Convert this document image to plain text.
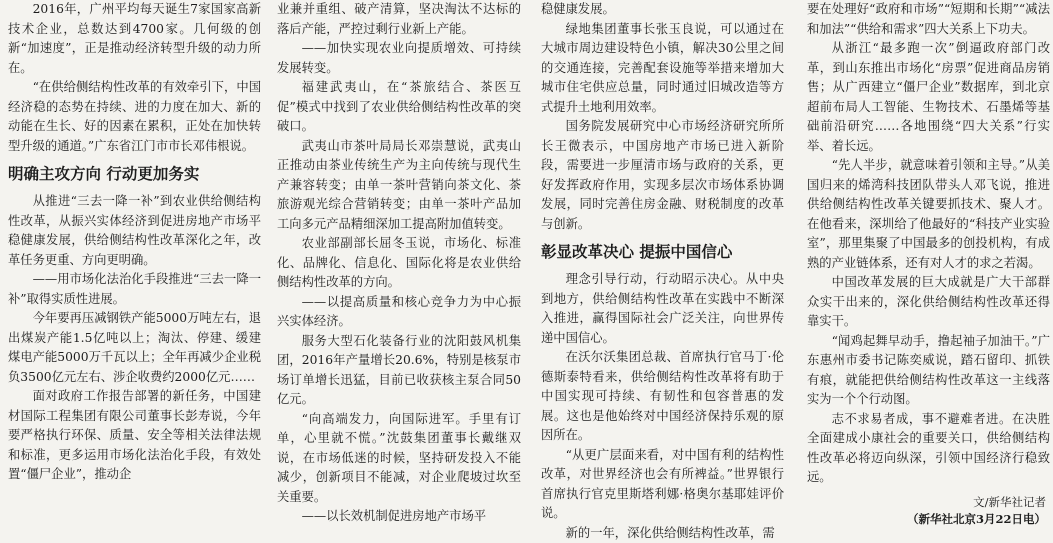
2016年，广州平均每天诞生7家国家高新技术企业，总数达到4700家。几何级的创新“加速度”，正是推动经济转型升级的动力所在。

“在供给侧结构性改革的有效牵引下，中国经济稳的态势在持续、进的力度在加大、新的动能在生长、好的因素在累积，正处在加快转型升级的通道。”广东省江门市市长邓伟根说。

明确主攻方向 行动更加务实

从推进“三去一降一补”到农业供给侧结构性改革，从振兴实体经济到促进房地产市场平稳健康发展，供给侧结构性改革深化之年，改革任务更重、方向更明确。

——用市场化法治化手段推进“三去一降一补”取得实质性进展。

今年要再压减钢铁产能5000万吨左右，退出煤炭产能1.5亿吨以上；淘汰、停建、缓建煤电产能5000万千瓦以上；全年再减少企业税负3500亿元左右、涉企收费约2000亿元……

面对政府工作报告部署的新任务，中国建材国际工程集团有限公司董事长彭寿说，今年要严格执行环保、质量、安全等相关法律法规和标准，更多运用市场化法治化手段，有效处置“僵尸企业”，推动企

业兼并重组、破产清算，坚决淘汰不达标的落后产能，严控过剩行业新上产能。

——加快实现农业向提质增效、可持续发展转变。

福建武夷山，在“茶旅结合、茶医互促”模式中找到了农业供给侧结构性改革的突破口。

武夷山市茶叶局局长邓崇慧说，武夷山正推动由茶业传统生产为主向传统与现代生产兼容转变；由单一茶叶营销向茶文化、茶旅游观光综合营销转变；由单一茶叶产品加工向多元产品精细深加工提高附加值转变。

农业部副部长屈冬玉说，市场化、标准化、品牌化、信息化、国际化将是农业供给侧结构性改革的方向。

——以提高质量和核心竞争力为中心振兴实体经济。

服务大型石化装备行业的沈阳鼓风机集团，2016年产量增长20.6%，特别是核泵市场订单增长迅猛，目前已收获核主泵合同50亿元。

“向高端发力，向国际进军。手里有订单，心里就不慌。”沈鼓集团董事长戴继双说，在市场低迷的时候，坚持研发投入不能减少，创新项目不能减，对企业爬坡过坎至关重要。

——以长效机制促进房地产市场平

稳健康发展。

绿地集团董事长张玉良说，可以通过在大城市周边建设特色小镇，解决30公里之间的交通连接，完善配套设施等举措来增加大城市住宅供应总量，同时通过旧城改造等方式提升土地利用效率。

国务院发展研究中心市场经济研究所所长王微表示，中国房地产市场已进入新阶段，需要进一步厘清市场与政府的关系，更好发挥政府作用，实现多层次市场体系协调发展，同时完善住房金融、财税制度的改革与创新。

彰显改革决心 提振中国信心

理念引导行动，行动昭示决心。从中央到地方，供给侧结构性改革在实践中不断深入推进，赢得国际社会广泛关注，向世界传递中国信心。

在沃尔沃集团总裁、首席执行官马丁·伦德斯泰特看来，供给侧结构性改革将有助于中国实现可持续、有韧性和包容普惠的发展。这也是他始终对中国经济保持乐观的原因所在。

“从更广层面来看，对中国有利的结构性改革，对世界经济也会有所裨益。”世界银行首席执行官克里斯塔利娜·格奥尔基耶娃评价说。

新的一年，深化供给侧结构性改革，需

要在处理好“政府和市场”“短期和长期”“减法和加法”“供给和需求”四大关系上下功夫。

从浙江“最多跑一次”倒逼政府部门改革，到山东推出市场化“房票”促进商品房销售；从广西建立“僵尸企业”数据库，到北京超前布局人工智能、生物技术、石墨烯等基础前沿研究……各地围绕“四大关系”行实举、着长远。

“先人半步，就意味着引领和主导。”从美国归来的烯湾科技团队带头人邓飞说，推进供给侧结构性改革关键要抓技术、聚人才。在他看来，深圳给了他最好的“科技产业实验室”，那里集聚了中国最多的创投机构，有成熟的产业链体系，还有对人才的求之若渴。

中国改革发展的巨大成就是广大干部群众实干出来的，深化供给侧结构性改革还得靠实干。

“闻鸡起舞早动手，撸起袖子加油干。”广东惠州市委书记陈奕威说，踏石留印、抓铁有痕，就能把供给侧结构性改革这一主线落实为一个个行动图。

志不求易者成，事不避难者进。在决胜全面建成小康社会的重要关口，供给侧结构性改革必将迈向纵深，引领中国经济行稳致远。

文/新华社记者
（新华社北京3月22日电）
